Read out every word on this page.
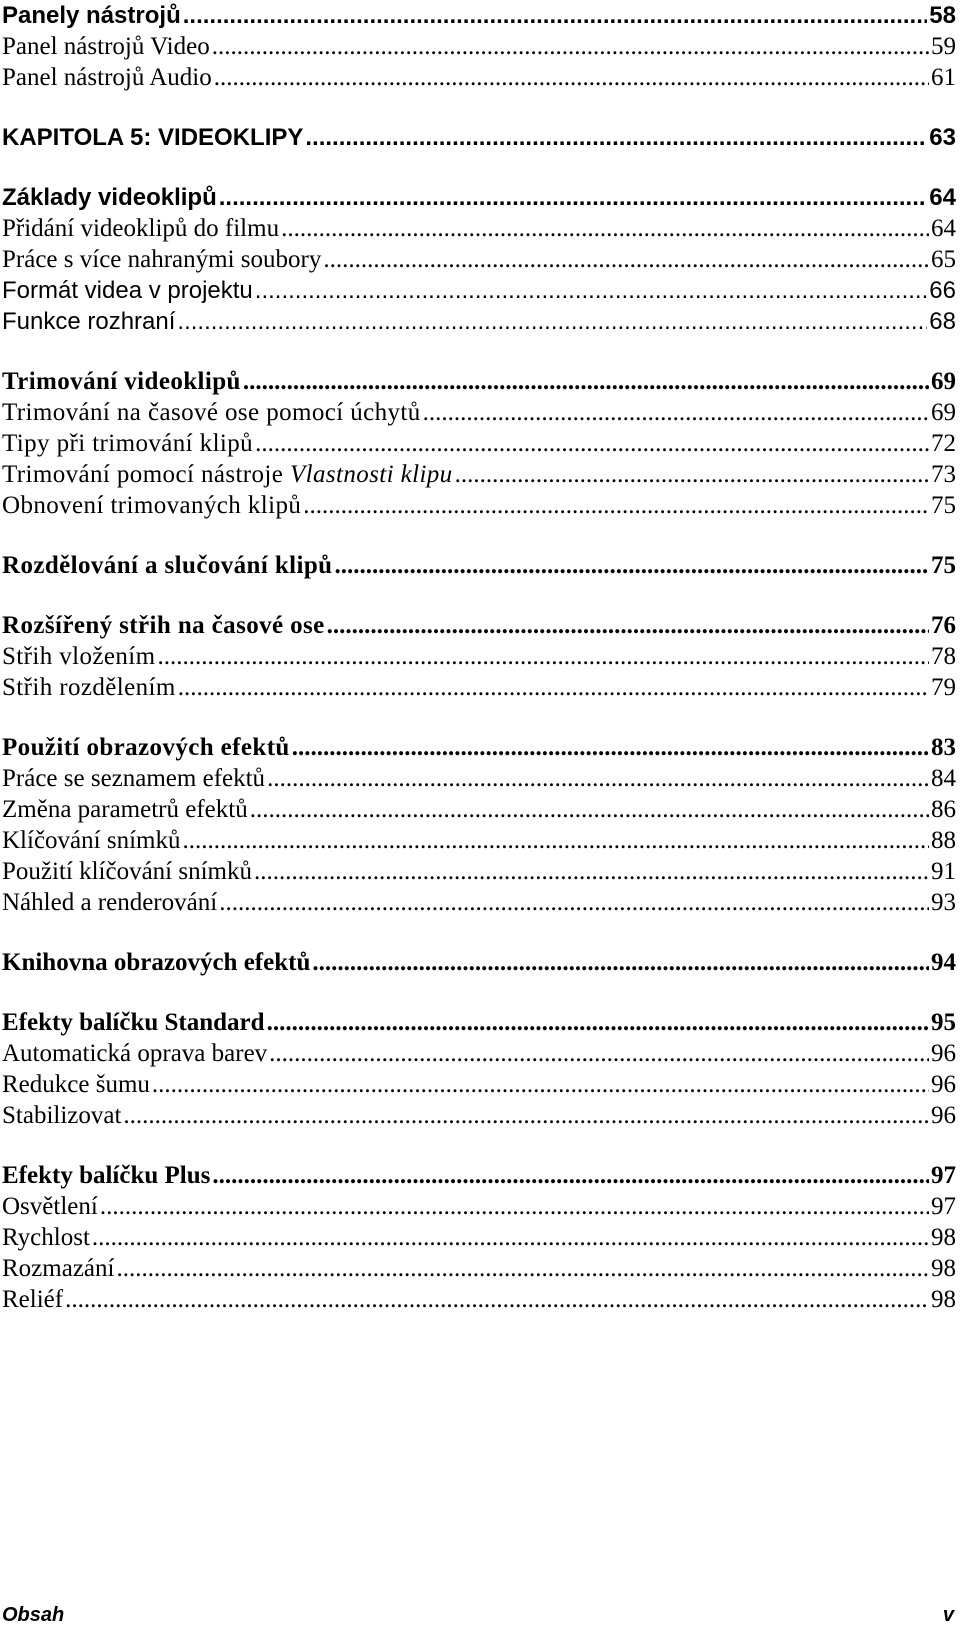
Panely nástrojů .....	58
Panel nástrojů Video .....	59
Panel nástrojů Audio .....	61
KAPITOLA 5: VIDEOKLIPY .....	63
Základy videoklipů .....	64
Přidání videoklipů do filmu .....	64
Práce s více nahranými soubory .....	65
Formát videa v projektu .....	66
Funkce rozhraní .....	68
Trimování videoklipů .....	69
Trimování na časové ose pomocí úchytů .....	69
Tipy při trimování klipů .....	72
Trimování pomocí nástroje Vlastnosti klipu .....	73
Obnovení trimovaných klipů .....	75
Rozdělování a slučování klipů .....	75
Rozšířený střih na časové ose .....	76
Střih vložením .....	78
Střih rozdělením .....	79
Použití obrazových efektů .....	83
Práce se seznamem efektů .....	84
Změna parametrů efektů .....	86
Klíčování snímků .....	88
Použití klíčování snímků .....	91
Náhled a renderování .....	93
Knihovna obrazových efektů .....	94
Efekty balíčku Standard .....	95
Automatická oprava barev .....	96
Redukce šumu .....	96
Stabilizovat .....	96
Efekty balíčku Plus .....	97
Osvětlení .....	97
Rychlost .....	98
Rozmazání .....	98
Reliéf .....	98
Obsah	v
